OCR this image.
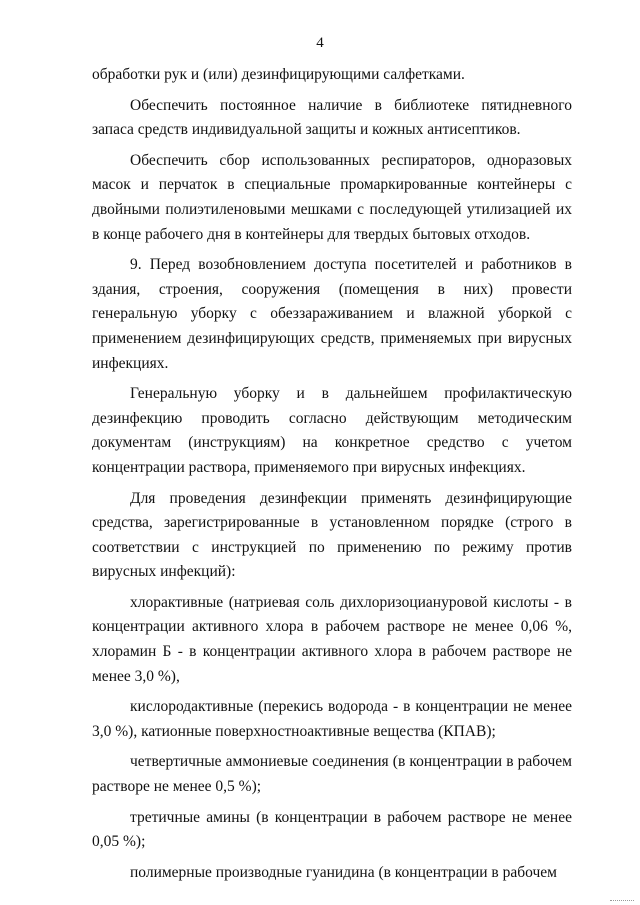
4

обработки рук и (или) дезинфицирующими салфетками.

Обеспечить постоянное наличие в библиотеке пятидневного запаса средств индивидуальной защиты и кожных антисептиков.

Обеспечить сбор использованных респираторов, одноразовых масок и перчаток в специальные промаркированные контейнеры с двойными полиэтиленовыми мешками с последующей утилизацией их в конце рабочего дня в контейнеры для твердых бытовых отходов.

9. Перед возобновлением доступа посетителей и работников в здания, строения, сооружения (помещения в них) провести генеральную уборку с обеззараживанием и влажной уборкой с применением дезинфицирующих средств, применяемых при вирусных инфекциях.

Генеральную уборку и в дальнейшем профилактическую дезинфекцию проводить согласно действующим методическим документам (инструкциям) на конкретное средство с учетом концентрации раствора, применяемого при вирусных инфекциях.

Для проведения дезинфекции применять дезинфицирующие средства, зарегистрированные в установленном порядке (строго в соответствии с инструкцией по применению по режиму против вирусных инфекций):

хлорактивные (натриевая соль дихлоризоциануровой кислоты - в концентрации активного хлора в рабочем растворе не менее 0,06 %, хлорамин Б - в концентрации активного хлора в рабочем растворе не менее 3,0 %),

кислородактивные (перекись водорода - в концентрации не менее 3,0 %), катионные поверхностноактивные вещества (КПАВ);

четвертичные аммониевые соединения (в концентрации в рабочем растворе не менее 0,5 %);

третичные амины (в концентрации в рабочем растворе не менее 0,05 %);

полимерные производные гуанидина (в концентрации в рабочем
